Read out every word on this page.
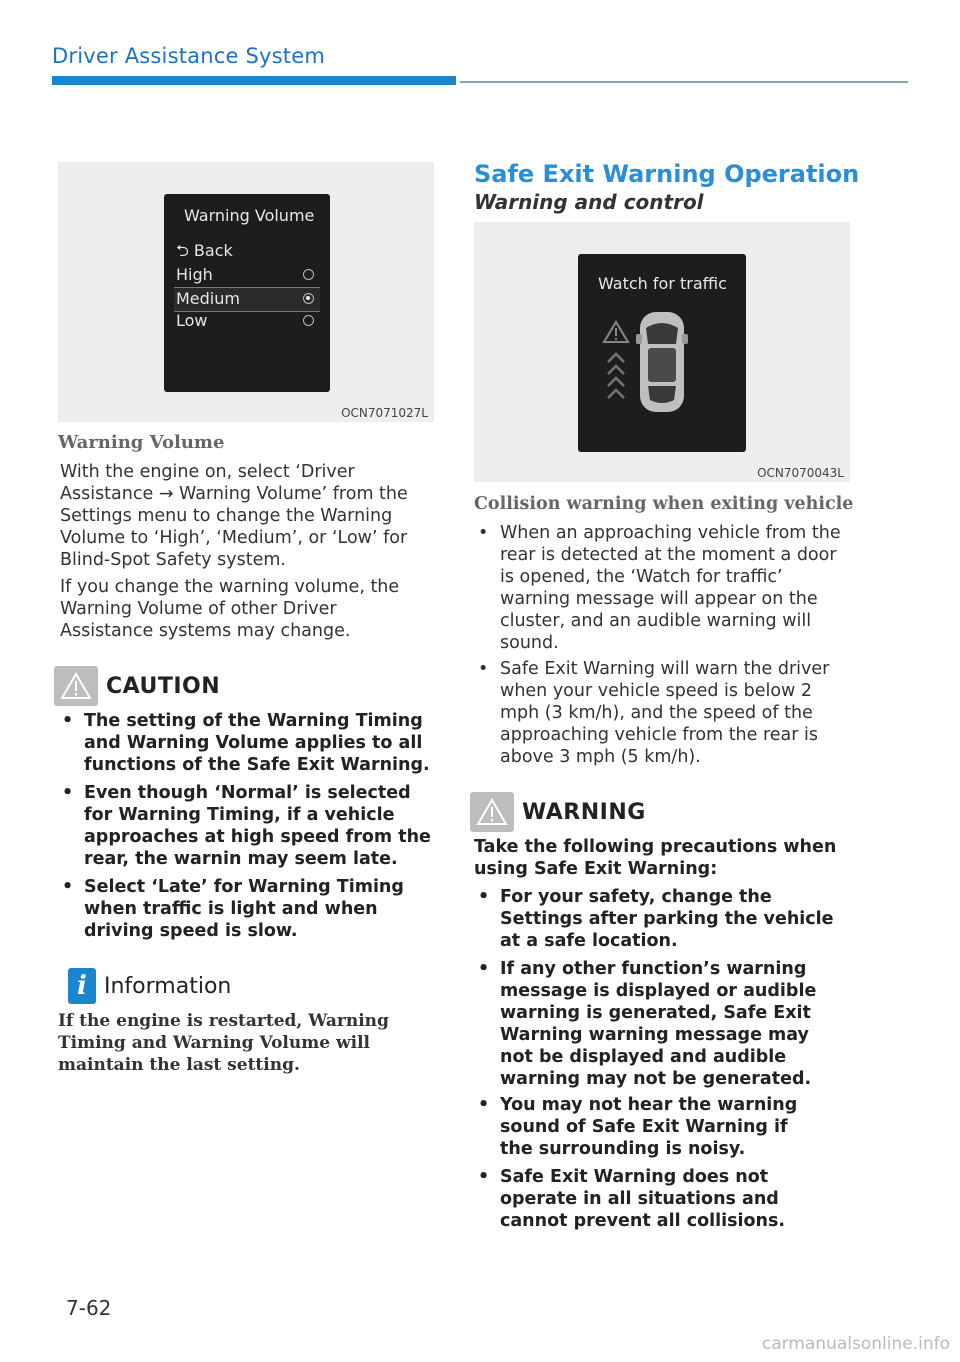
Driver Assistance System
Warning Volume
⮌ Back
High
Medium
Low
OCN7071027L
Warning Volume

With the engine on, select ‘Driver Assistance → Warning Volume’ from the Settings menu to change the Warning Volume to ‘High’, ‘Medium’, or ‘Low’ for Blind-Spot Safety system.

If you change the warning volume, the Warning Volume of other Driver Assistance systems may change.

CAUTION
• The setting of the Warning Timing and Warning Volume applies to all functions of the Safe Exit Warning.
• Even though ‘Normal’ is selected for Warning Timing, if a vehicle approaches at high speed from the rear, the warnin may seem late.
• Select ‘Late’ for Warning Timing when traffic is light and when driving speed is slow.
i Information

If the engine is restarted, Warning Timing and Warning Volume will maintain the last setting.

Safe Exit Warning Operation
Warning and control
Watch for traffic
OCN7070043L
Collision warning when exiting vehicle
• When an approaching vehicle from the rear is detected at the moment a door is opened, the ‘Watch for traffic’ warning message will appear on the cluster, and an audible warning will sound.
• Safe Exit Warning will warn the driver when your vehicle speed is below 2 mph (3 km/h), and the speed of the approaching vehicle from the rear is above 3 mph (5 km/h).
WARNING

Take the following precautions when using Safe Exit Warning:

• For your safety, change the Settings after parking the vehicle at a safe location.
• If any other function’s warning message is displayed or audible warning is generated, Safe Exit Warning warning message may not be displayed and audible warning may not be generated.
• You may not hear the warning sound of Safe Exit Warning if the surrounding is noisy.
• Safe Exit Warning does not operate in all situations and cannot prevent all collisions.
7-62
carmanualsonline.info
